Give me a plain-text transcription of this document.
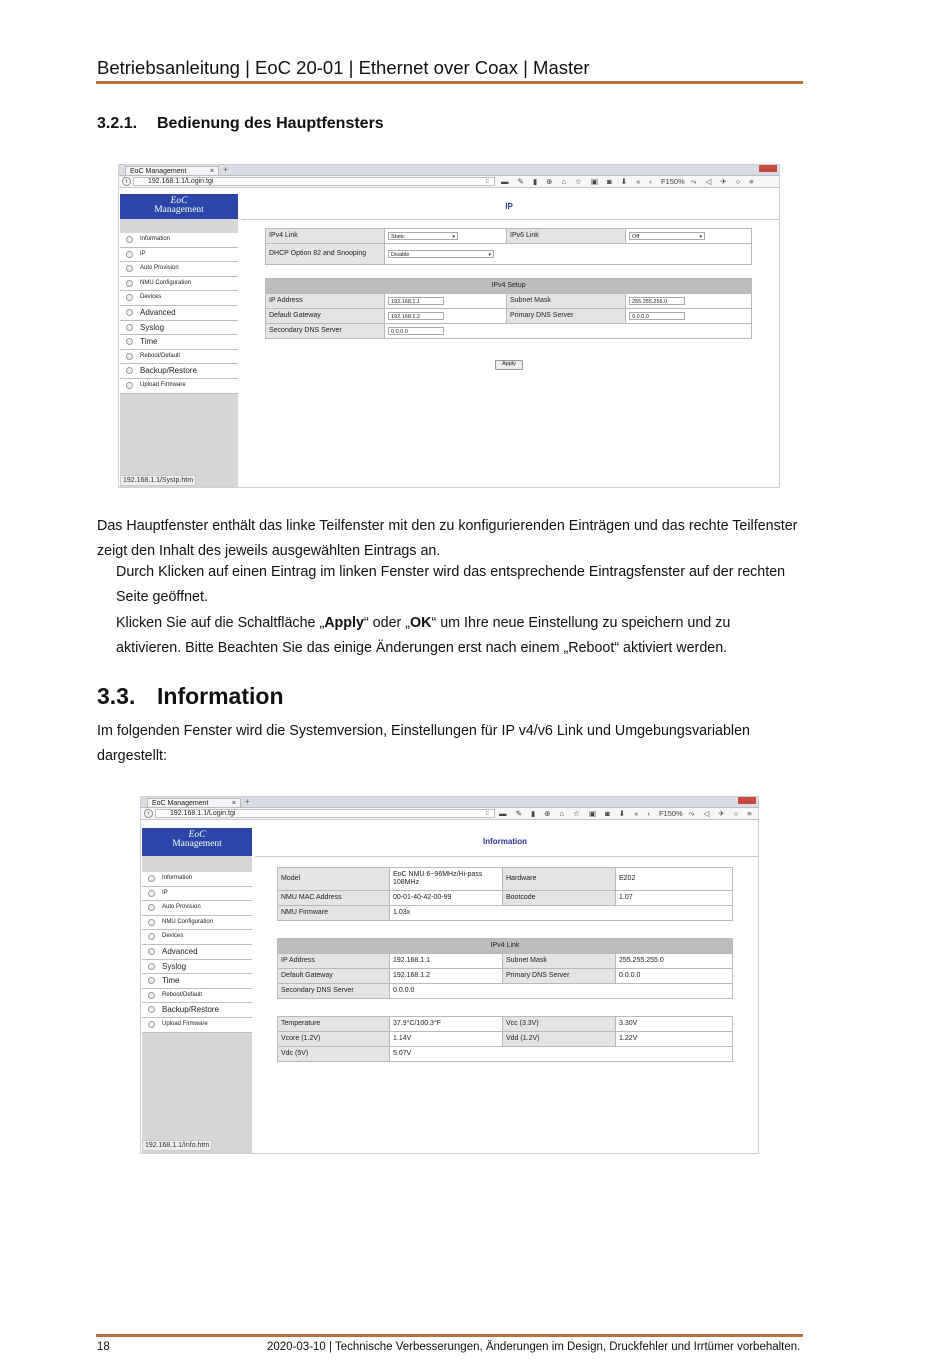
Betriebsanleitung | EoC 20-01 | Ethernet over Coax | Master
3.2.1. Bedienung des Hauptfensters
EoC Management	× +
‹	192.168.1.1/Login.tgi	c ▬ ✎ ▮ ⊕ ⌂ ☆ ▣ ◙ ⬇ « ‹ F150% ⤳ ◁ ✈ ○ ≡
EoC
Management
Information
IP
Auto Provision
NMU Configuration
Devices
Advanced
Syslog
Time
Reboot/Default
Backup/Restore
Upload Firmware
192.168.1.1/SysIp.htm
IP
IPv4 Link	Static ▾	IPv6 Link	Off ▾
DHCP Option 82 and Snooping	Disable ▾
IPv4 Setup			
IP Address	192.168.1.1	Subnet Mask	255.255.255.0
Default Gateway	192.168.1.2	Primary DNS Server	0.0.0.0
Secondary DNS Server	0.0.0.0		
Apply
Das Hauptfenster enthält das linke Teilfenster mit den zu konfigurierenden Einträgen und das rechte Teilfenster zeigt den Inhalt des jeweils ausgewählten Eintrags an.
Durch Klicken auf einen Eintrag im linken Fenster wird das entsprechende Eintragsfenster auf der rechten Seite geöffnet.
Klicken Sie auf die Schaltfläche „Apply“ oder „OK“ um Ihre neue Einstellung zu speichern und zu aktivieren. Bitte Beachten Sie das einige Änderungen erst nach einem „Reboot“ aktiviert werden.
3.3. Information
Im folgenden Fenster wird die Systemversion, Einstellungen für IP v4/v6 Link und Umgebungsvariablen dargestellt:
EoC Management	× +
‹	192.168.1.1/Login.tgi	c ▬ ✎ ▮ ⊕ ⌂ ☆ ▣ ◙ ⬇ « ‹ F150% ⤳ ◁ ✈ ○ ≡
EoC
Management
Information
IP
Auto Provision
NMU Configuration
Devices
Advanced
Syslog
Time
Reboot/Default
Backup/Restore
Upload Firmware
192.168.1.1/Info.htm
Information
Model	EoC NMU 6~96MHz/Hi-pass 108MHz	Hardware	E202
NMU MAC Address	00-01-40-42-00-99	Bootcode	1.07
NMU Firmware	1.03x		
IPv4 Link			
IP Address	192.168.1.1	Subnet Mask	255.255.255.0
Default Gateway	192.168.1.2	Primary DNS Server	0.0.0.0
Secondary DNS Server	0.0.0.0		
Temperature	37.9°C/100.3°F	Vcc (3.3V)	3.30V
Vcore (1.2V)	1.14V	Vdd (1.2V)	1.22V
Vdc (5V)	5.07V		
18	2020-03-10 | Technische Verbesserungen, Änderungen im Design, Druckfehler und Irrtümer vorbehalten.
